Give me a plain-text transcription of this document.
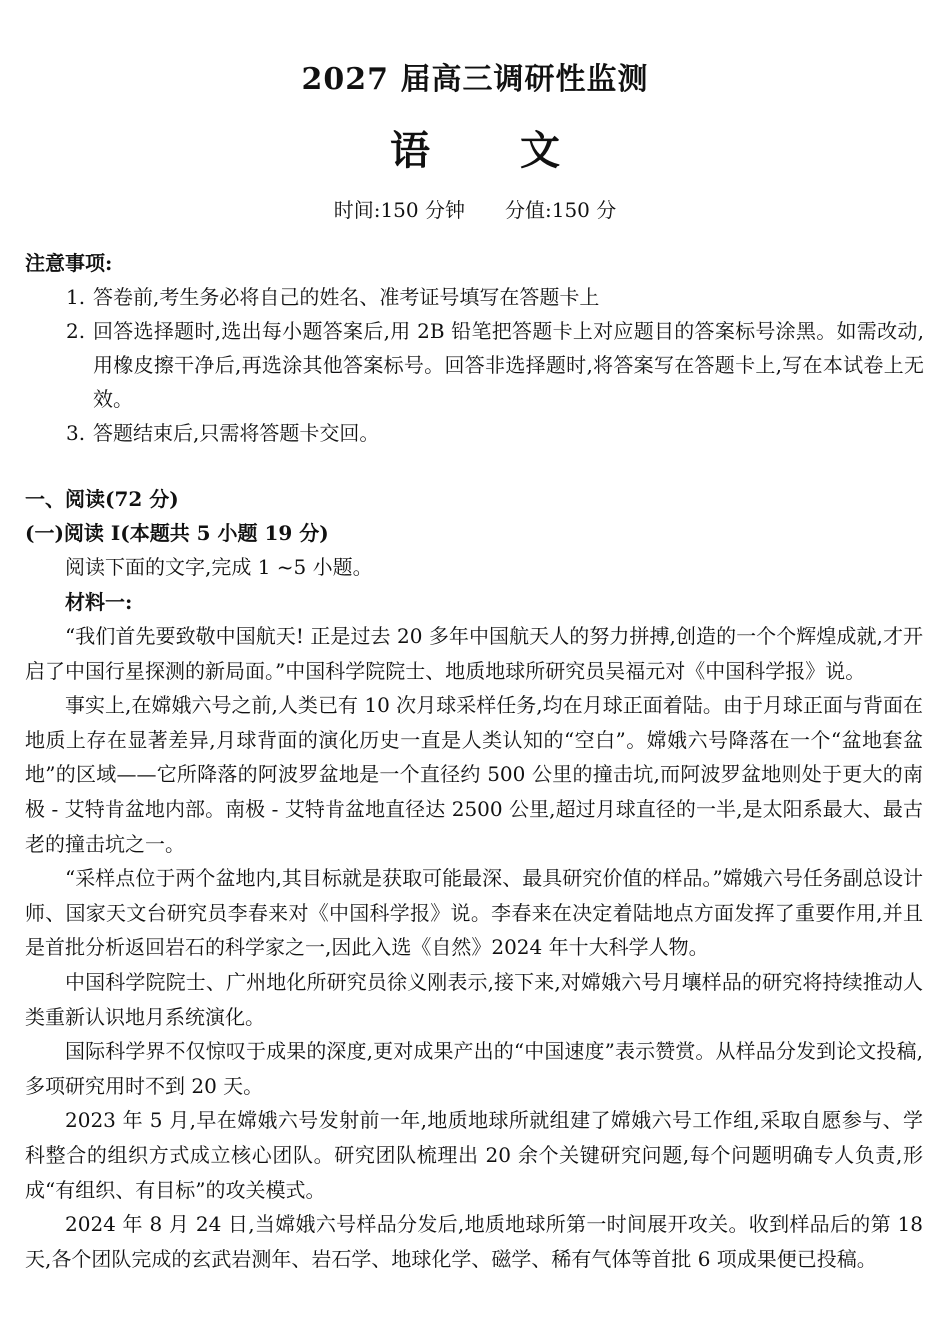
2027 届高三调研性监测
语 文
时间:150 分钟 分值:150 分
注意事项:
1. 答卷前,考生务必将自己的姓名、准考证号填写在答题卡上
2. 回答选择题时,选出每小题答案后,用 2B 铅笔把答题卡上对应题目的答案标号涂黑。如需改动,用橡皮擦干净后,再选涂其他答案标号。回答非选择题时,将答案写在答题卡上,写在本试卷上无效。
3. 答题结束后,只需将答题卡交回。
一、阅读(72 分)
(一)阅读 I(本题共 5 小题 19 分)
阅读下面的文字,完成 1 ~5 小题。
材料一:

“我们首先要致敬中国航天! 正是过去 20 多年中国航天人的努力拼搏,创造的一个个辉煌成就,才开启了中国行星探测的新局面。”中国科学院院士、地质地球所研究员吴福元对《中国科学报》说。

事实上,在嫦娥六号之前,人类已有 10 次月球采样任务,均在月球正面着陆。由于月球正面与背面在地质上存在显著差异,月球背面的演化历史一直是人类认知的“空白”。嫦娥六号降落在一个“盆地套盆地”的区域——它所降落的阿波罗盆地是一个直径约 500 公里的撞击坑,而阿波罗盆地则处于更大的南极 - 艾特肯盆地内部。南极 - 艾特肯盆地直径达 2500 公里,超过月球直径的一半,是太阳系最大、最古老的撞击坑之一。

“采样点位于两个盆地内,其目标就是获取可能最深、最具研究价值的样品。”嫦娥六号任务副总设计师、国家天文台研究员李春来对《中国科学报》说。李春来在决定着陆地点方面发挥了重要作用,并且是首批分析返回岩石的科学家之一,因此入选《自然》2024 年十大科学人物。

中国科学院院士、广州地化所研究员徐义刚表示,接下来,对嫦娥六号月壤样品的研究将持续推动人类重新认识地月系统演化。

国际科学界不仅惊叹于成果的深度,更对成果产出的“中国速度”表示赞赏。从样品分发到论文投稿,多项研究用时不到 20 天。

2023 年 5 月,早在嫦娥六号发射前一年,地质地球所就组建了嫦娥六号工作组,采取自愿参与、学科整合的组织方式成立核心团队。研究团队梳理出 20 余个关键研究问题,每个问题明确专人负责,形成“有组织、有目标”的攻关模式。

2024 年 8 月 24 日,当嫦娥六号样品分发后,地质地球所第一时间展开攻关。收到样品后的第 18 天,各个团队完成的玄武岩测年、岩石学、地球化学、磁学、稀有气体等首批 6 项成果便已投稿。
